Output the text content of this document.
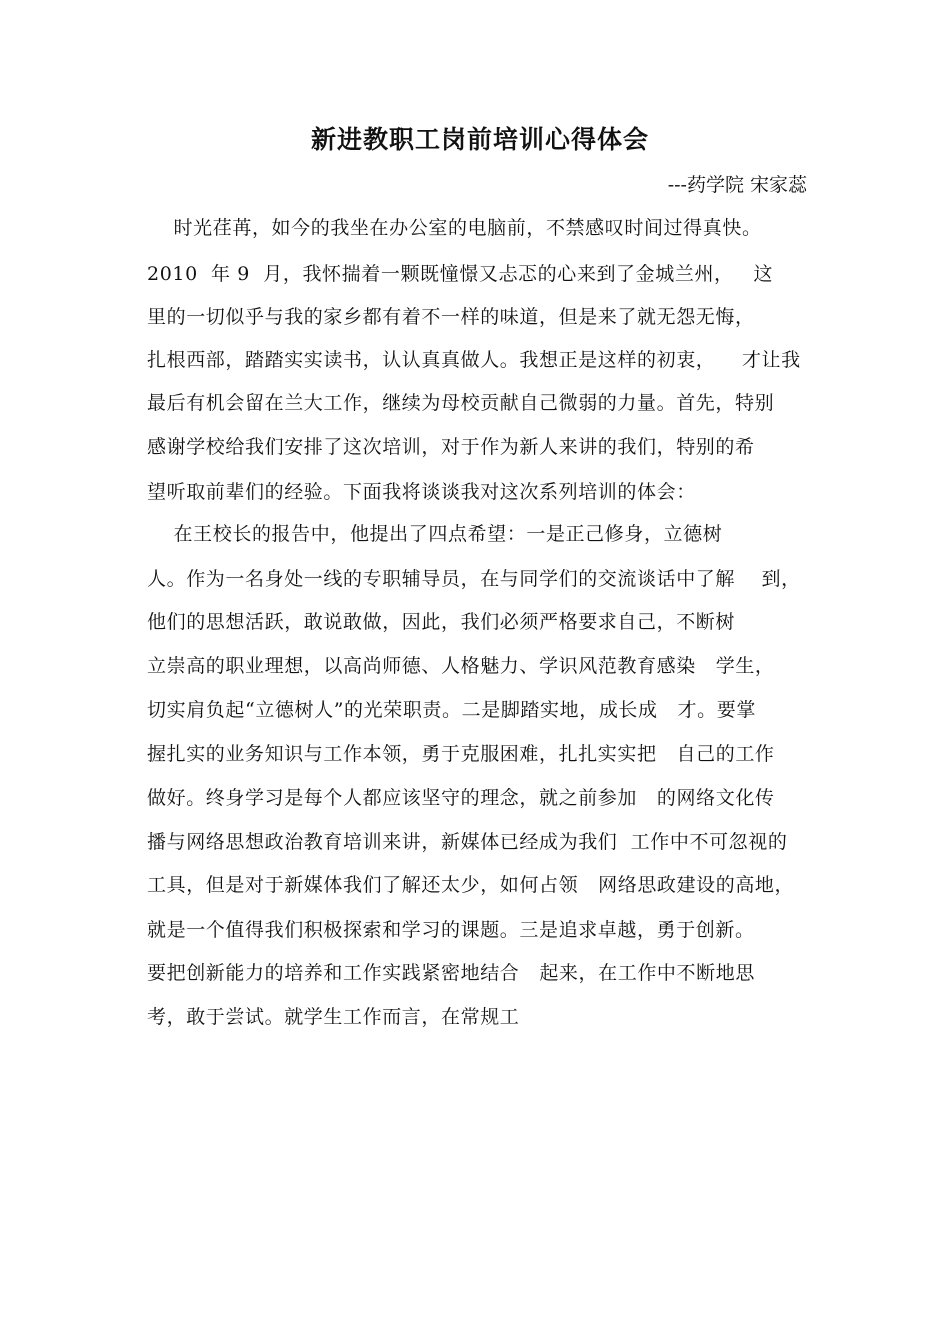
新进教职工岗前培训心得体会
---药学院 宋家蕊
时光荏苒，如今的我坐在办公室的电脑前，不禁感叹时间过得真快。
2010  年 9  月，我怀揣着一颗既憧憬又忐忑的心来到了金城兰州，   这
里的一切似乎与我的家乡都有着不一样的味道，但是来了就无怨无悔，
扎根西部，踏踏实实读书，认认真真做人。我想正是这样的初衷，    才让我
最后有机会留在兰大工作，继续为母校贡献自己微弱的力量。首先，特别
感谢学校给我们安排了这次培训，对于作为新人来讲的我们，特别的希
望听取前辈们的经验。下面我将谈谈我对这次系列培训的体会：
在王校长的报告中，他提出了四点希望：一是正己修身，立德树
人。作为一名身处一线的专职辅导员，在与同学们的交流谈话中了解    到，
他们的思想活跃，敢说敢做，因此，我们必须严格要求自己，不断树
立崇高的职业理想，以高尚师德、人格魅力、学识风范教育感染   学生，
切实肩负起“立德树人”的光荣职责。二是脚踏实地，成长成   才。要掌
握扎实的业务知识与工作本领，勇于克服困难，扎扎实实把   自己的工作
做好。终身学习是每个人都应该坚守的理念，就之前参加   的网络文化传
播与网络思想政治教育培训来讲，新媒体已经成为我们  工作中不可忽视的
工具，但是对于新媒体我们了解还太少，如何占领   网络思政建设的高地，
就是一个值得我们积极探索和学习的课题。三是追求卓越，勇于创新。
要把创新能力的培养和工作实践紧密地结合   起来，在工作中不断地思
考，敢于尝试。就学生工作而言，在常规工
